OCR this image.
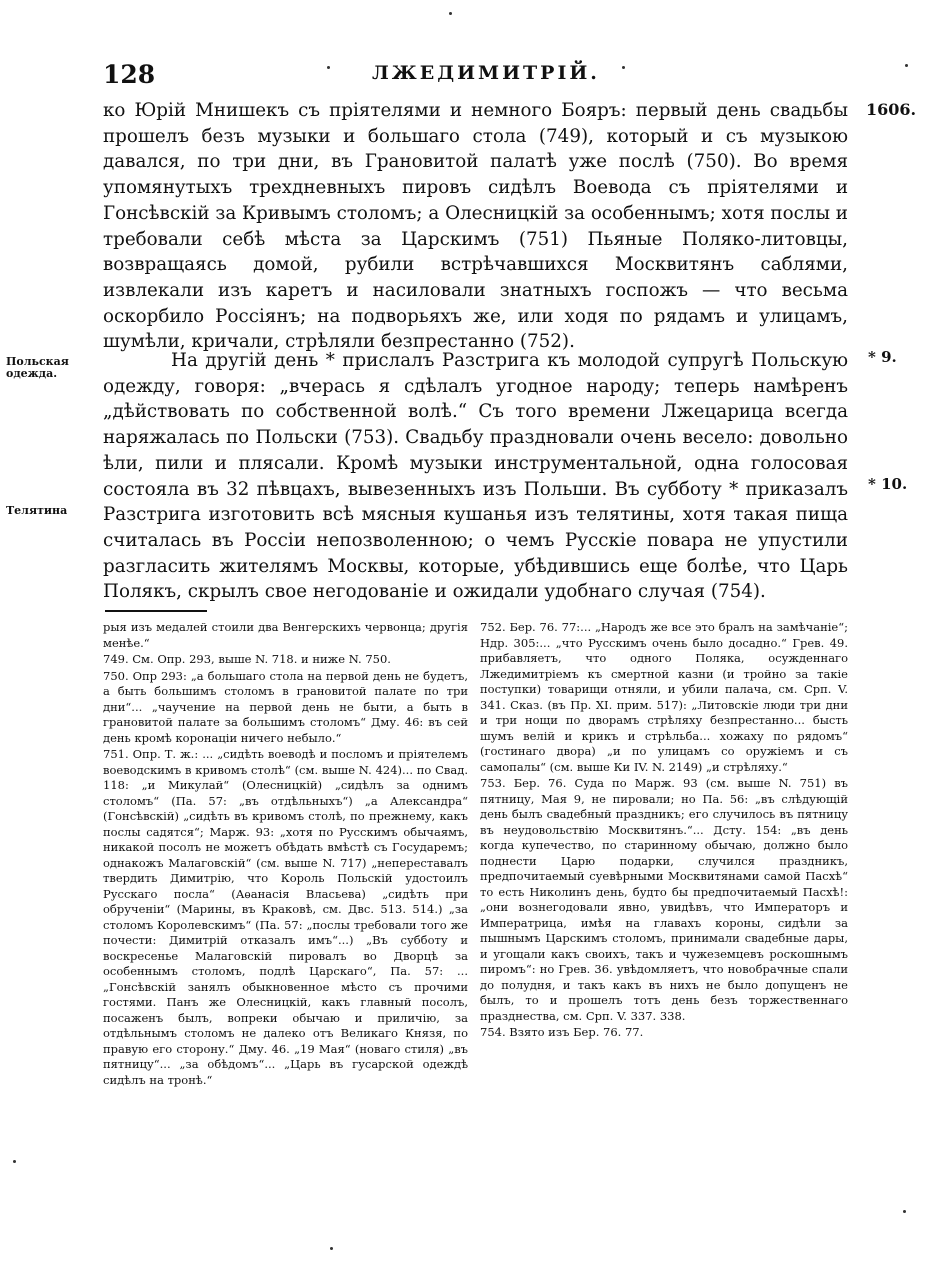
128	ЛЖЕДИМИТРІЙ.
1606.

ко Юрій Мнишекъ съ пріятелями и немного Бояръ: первый день свадьбы прошелъ безъ музыки и большаго стола (749), который и съ музыкою давался, по три дни, въ Грановитой палатѣ уже послѣ (750). Во время упомянутыхъ трехдневныхъ пировъ сидѣлъ Воевода съ пріятелями и Гонсѣвскій за Кривымъ столомъ; а Олесницкій за особеннымъ; хотя послы и требовали себѣ мѣста за Царскимъ (751) Пьяные Поляко-литовцы, возвращаясь домой, рубили встрѣчавшихся Москвитянъ саблями, извлекали изъ каретъ и насиловали знатныхъ госпожъ — что весьма оскорбило Россіянъ; на подворьяхъ же, или ходя по рядамъ и улицамъ, шумѣли, кричали, стрѣляли безпрестанно (752).

На другій день * прислалъ Разстрига къ молодой супругѣ Польскую одежду, говоря: „вчерась я сдѣлалъ угодное народу; теперь намѣренъ „дѣйствовать по собственной волѣ.“ Съ того времени Лжецарица всегда наряжалась по Польски (753). Свадьбу праздновали очень весело: довольно ѣли, пили и плясали. Кромѣ музыки инструментальной, одна голосовая состояла въ 32 пѣвцахъ, вывезенныхъ изъ Польши. Въ субботу * приказалъ Разстрига изготовить всѣ мясныя кушанья изъ телятины, хотя такая пища считалась въ Россіи непозволенною; о чемъ Русскіе повара не упустили разгласить жителямъ Москвы, которые, убѣдившись еще болѣе, что Царь Полякъ, скрылъ свое негодованіе и ожидали удобнаго случая (754).

Польская одежда.
Телятина
* 9.
* 10.

рыя изъ медалей стоили два Венгерскихъ червонца; другія менѣе.“

749. См. Опр. 293, выше N. 718. и ниже N. 750.

750. Опр 293: „а большаго стола на первой день не будетъ, а быть большимъ столомъ в грановитой палате по три дни“... „чаучение на первой день не быти, а быть в грановитой палате за большимъ столомъ“ Дму. 46: въ сей день кромѣ коронаціи ничего небыло.“

751. Опр. Т. ж.: ... „сидѣть воеводѣ и посломъ и пріятелемъ воеводскимъ в кривомъ столѣ“ (см. выше N. 424)... по Свад. 118: „и Микулай“ (Олесницкій) „сидѣлъ за однимъ столомъ“ (Па. 57: „въ отдѣльныхъ“) „а Александра“ (Гонсѣвскій) „сидѣть въ кривомъ столѣ, по прежнему, какъ послы садятся“; Марж. 93: „хотя по Русскимъ обычаямъ, никакой посолъ не можетъ обѣдать вмѣстѣ съ Государемъ; однакожъ Малаговскій“ (см. выше N. 717) „непереставалъ твердить Димитрію, что Король Польскій удостоилъ Русскаго посла“ (Аѳанасія Власьева) „сидѣть при обрученіи“ (Марины, въ Краковѣ, см. Двс. 513. 514.) „за столомъ Королевскимъ“ (Па. 57: „послы требовали того же почести: Димитрій отказалъ имъ“...) „Въ субботу и воскресенье Малаговскій пировалъ во Дворцѣ за особеннымъ столомъ, подлѣ Царскаго“, Па. 57: ... „Гонсѣвскій занялъ обыкновенное мѣсто съ прочими гостями. Панъ же Олесницкій, какъ главный посолъ, посаженъ былъ, вопреки обычаю и приличію, за отдѣльнымъ столомъ не далеко отъ Великаго Князя, по правую его сторону.“ Дму. 46. „19 Мая“ (новаго стиля) „въ пятницу“... „за обѣдомъ“... „Царь въ гусарской одеждѣ сидѣлъ на тронѣ.“

752. Бер. 76. 77:... „Народъ же все это бралъ на замѣчаніе“; Ндр. 305:... „что Русскимъ очень было досадно.“ Грев. 49. прибавляетъ, что одного Поляка, осужденнаго Лжедимитріемъ къ смертной казни (и тройно за такіе поступки) товарищи отняли, и убили палача, см. Срп. V. 341. Сказ. (въ Пр. XI. прим. 517): „Литовскіе люди три дни и три нощи по дворамъ стрѣляху безпрестанно... бысть шумъ велій и крикъ и стрѣльба... хожаху по рядомъ“ (гостинаго двора) „и по улицамъ со оружіемъ и съ самопалы“ (см. выше Ки IV. N. 2149) „и стрѣляху.“

753. Бер. 76. Суда по Марж. 93 (см. выше N. 751) въ пятницу, Мая 9, не пировали; но Па. 56: „въ слѣдующій день былъ свадебный праздникъ; его случилось въ пятницу въ неудовольствію Москвитянъ.“... Дсту. 154: „въ день когда купечество, по старинному обычаю, должно было поднести Царю подарки, случился праздникъ, предпочитаемый суевѣрными Москвитянами самой Пасхѣ“ то есть Николинъ день, будто бы предпочитаемый Пасхѣ!: „они вознегодовали явно, увидѣвъ, что Императоръ и Императрица, имѣя на главахъ короны, сидѣли за пышнымъ Царскимъ столомъ, принимали свадебные дары, и угощали какъ своихъ, такъ и чужеземцевъ роскошнымъ пиромъ“: но Грев. 36. увѣдомляетъ, что новобрачные спали до полудня, и такъ какъ въ нихъ не было допущенъ не былъ, то и прошелъ тотъ день безъ торжественнаго празднества, см. Срп. V. 337. 338.

754. Взято изъ Бер. 76. 77.
